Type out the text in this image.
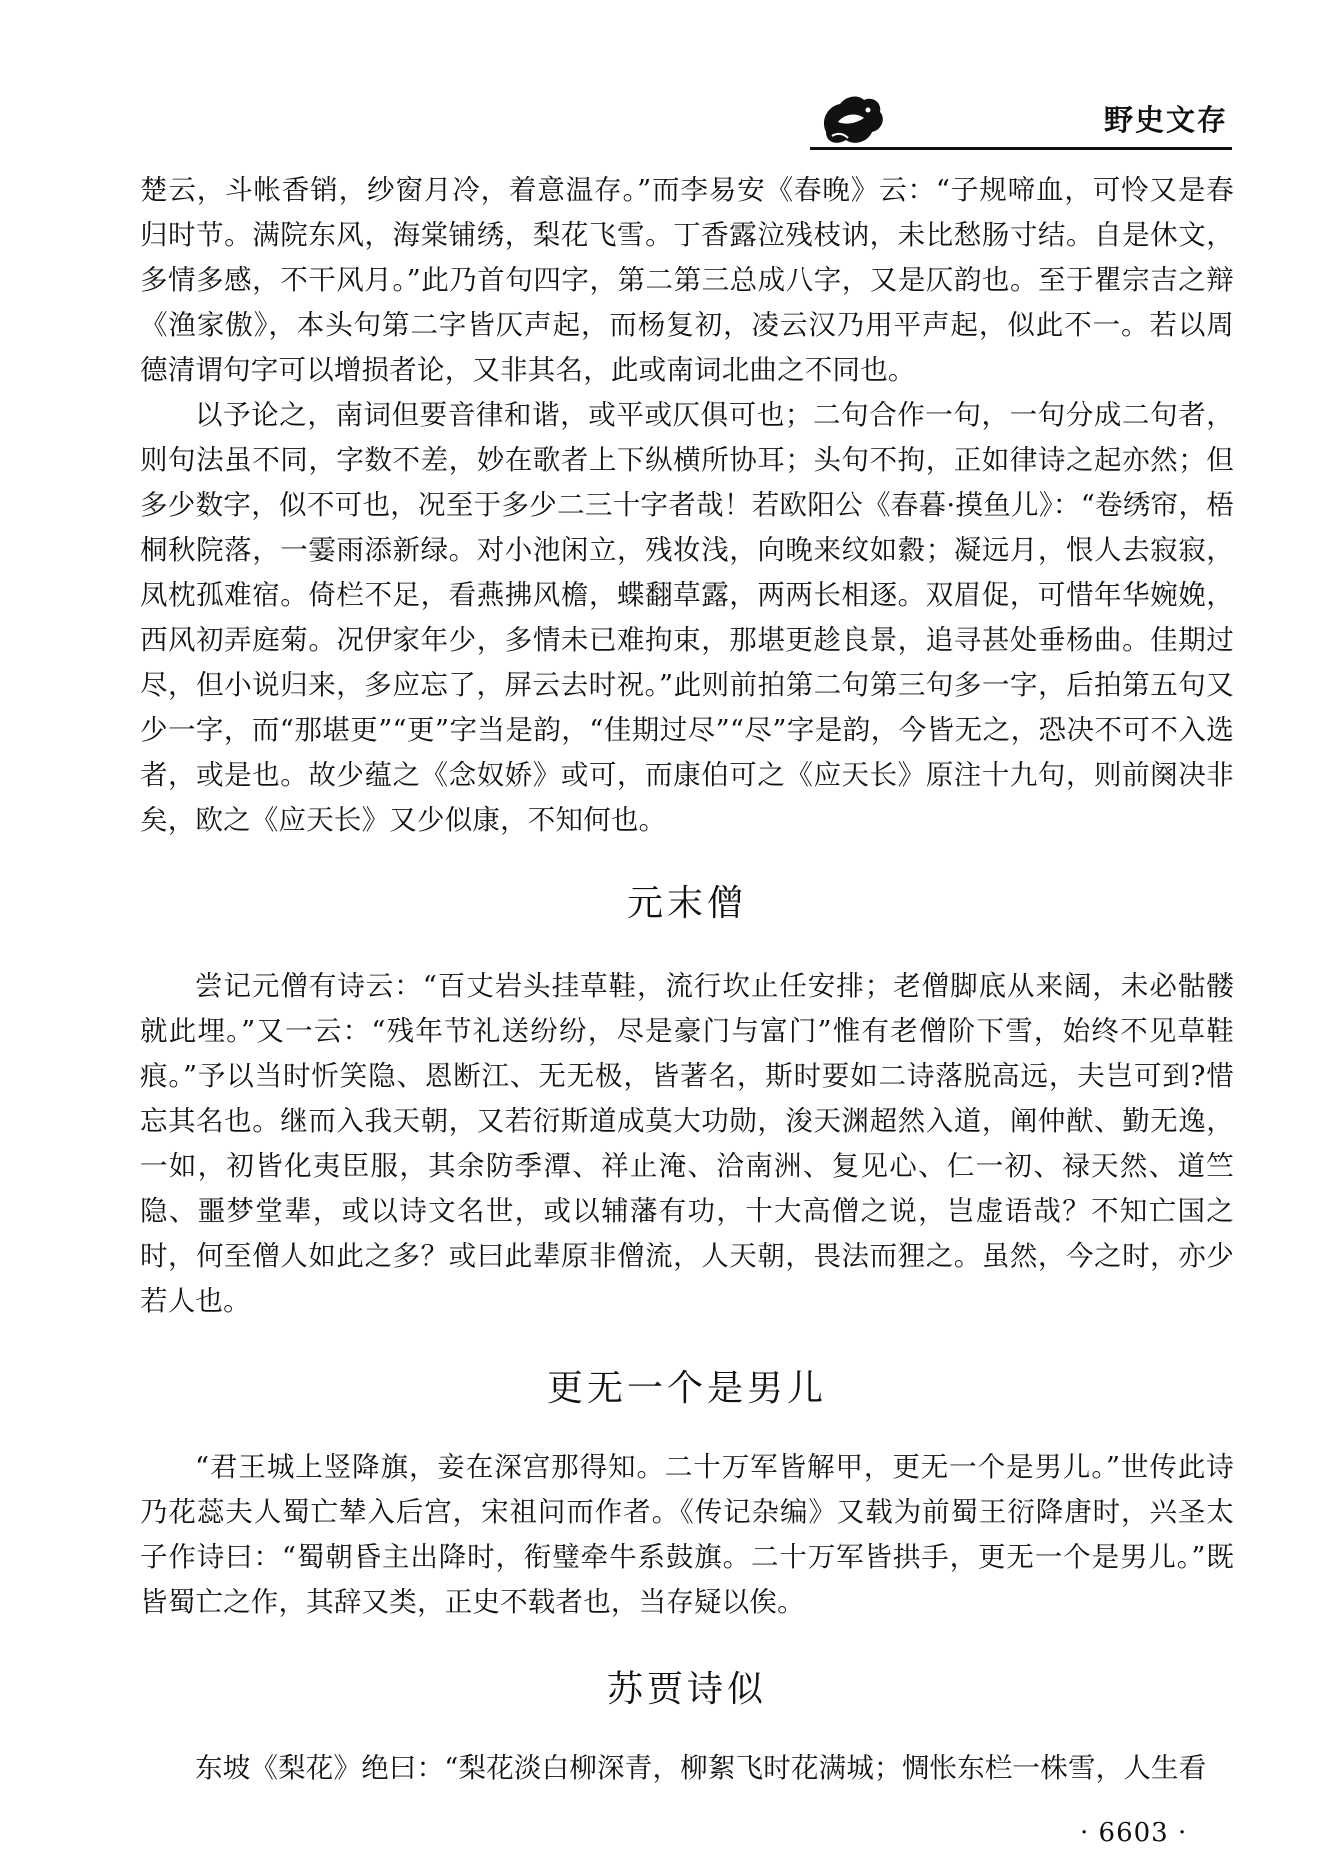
野史文存

楚云，斗帐香销，纱窗月冷，着意温存。”而李易安《春晚》云：“子规啼血，可怜又是春归时节。满院东风，海棠铺绣，梨花飞雪。丁香露泣残枝讷，未比愁肠寸结。自是休文，多情多感，不干风月。”此乃首句四字，第二第三总成八字，又是仄韵也。至于瞿宗吉之辩《渔家傲》，本头句第二字皆仄声起，而杨复初，凌云汉乃用平声起，似此不一。若以周德清谓句字可以增损者论，又非其名，此或南词北曲之不同也。

以予论之，南词但要音律和谐，或平或仄俱可也；二句合作一句，一句分成二句者，则句法虽不同，字数不差，妙在歌者上下纵横所协耳；头句不拘，正如律诗之起亦然；但多少数字，似不可也，况至于多少二三十字者哉！若欧阳公《春暮·摸鱼儿》：“卷绣帘，梧桐秋院落，一霎雨添新绿。对小池闲立，残妆浅，向晚来纹如縠；凝远月，恨人去寂寂，凤枕孤难宿。倚栏不足，看燕拂风檐，蝶翻草露，两两长相逐。双眉促，可惜年华婉娩，西风初弄庭菊。况伊家年少，多情未已难拘束，那堪更趁良景，追寻甚处垂杨曲。佳期过尽，但小说归来，多应忘了，屏云去时祝。”此则前拍第二句第三句多一字，后拍第五句又少一字，而“那堪更”“更”字当是韵，“佳期过尽”“尽”字是韵，今皆无之，恐决不可不入选者，或是也。故少蕴之《念奴娇》或可，而康伯可之《应天长》原注十九句，则前阕决非矣，欧之《应天长》又少似康，不知何也。

元末僧

尝记元僧有诗云：“百丈岩头挂草鞋，流行坎止任安排；老僧脚底从来阔，未必骷髅就此埋。”又一云：“残年节礼送纷纷，尽是豪门与富门”惟有老僧阶下雪，始终不见草鞋痕。”予以当时忻笑隐、恩断江、无无极，皆著名，斯时要如二诗落脱高远，夫岂可到?惜忘其名也。继而入我天朝，又若衍斯道成莫大功勋，浚天渊超然入道，阐仲猷、勤无逸，一如，初皆化夷臣服，其余防季潭、祥止淹、洽南洲、复见心、仁一初、禄天然、道竺隐、噩梦堂辈，或以诗文名世，或以辅藩有功，十大高僧之说，岂虚语哉？不知亡国之时，何至僧人如此之多？或曰此辈原非僧流，人天朝，畏法而狸之。虽然，今之时，亦少若人也。

更无一个是男儿

“君王城上竖降旗，妾在深宫那得知。二十万军皆解甲，更无一个是男儿。”世传此诗乃花蕊夫人蜀亡辇入后宫，宋祖问而作者。《传记杂编》又载为前蜀王衍降唐时，兴圣太子作诗曰：“蜀朝昏主出降时，衔璧牵牛系鼓旗。二十万军皆拱手，更无一个是男儿。”既皆蜀亡之作，其辞又类，正史不载者也，当存疑以俟。

苏贾诗似

东坡《梨花》绝曰：“梨花淡白柳深青，柳絮飞时花满城；惆怅东栏一株雪，人生看

· 6603 ·
